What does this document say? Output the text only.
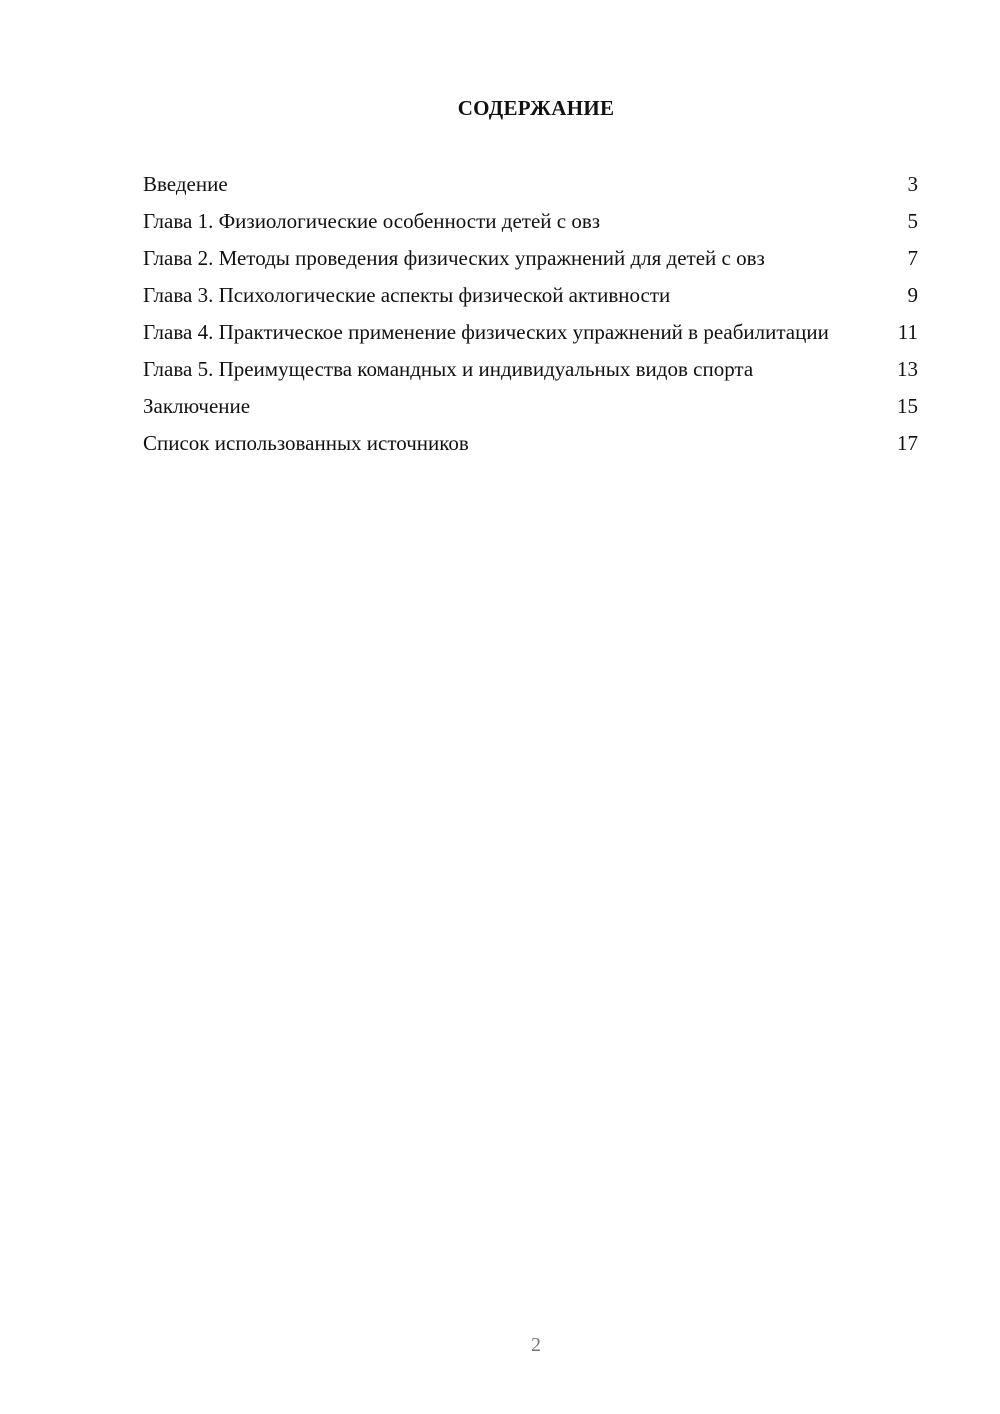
СОДЕРЖАНИЕ
Введение	3
Глава 1. Физиологические особенности детей с овз	5
Глава 2. Методы проведения физических упражнений для детей с овз	7
Глава 3. Психологические аспекты физической активности	9
Глава 4. Практическое применение физических упражнений в реабилитации	11
Глава 5. Преимущества командных и индивидуальных видов спорта	13
Заключение	15
Список использованных источников	17
2
